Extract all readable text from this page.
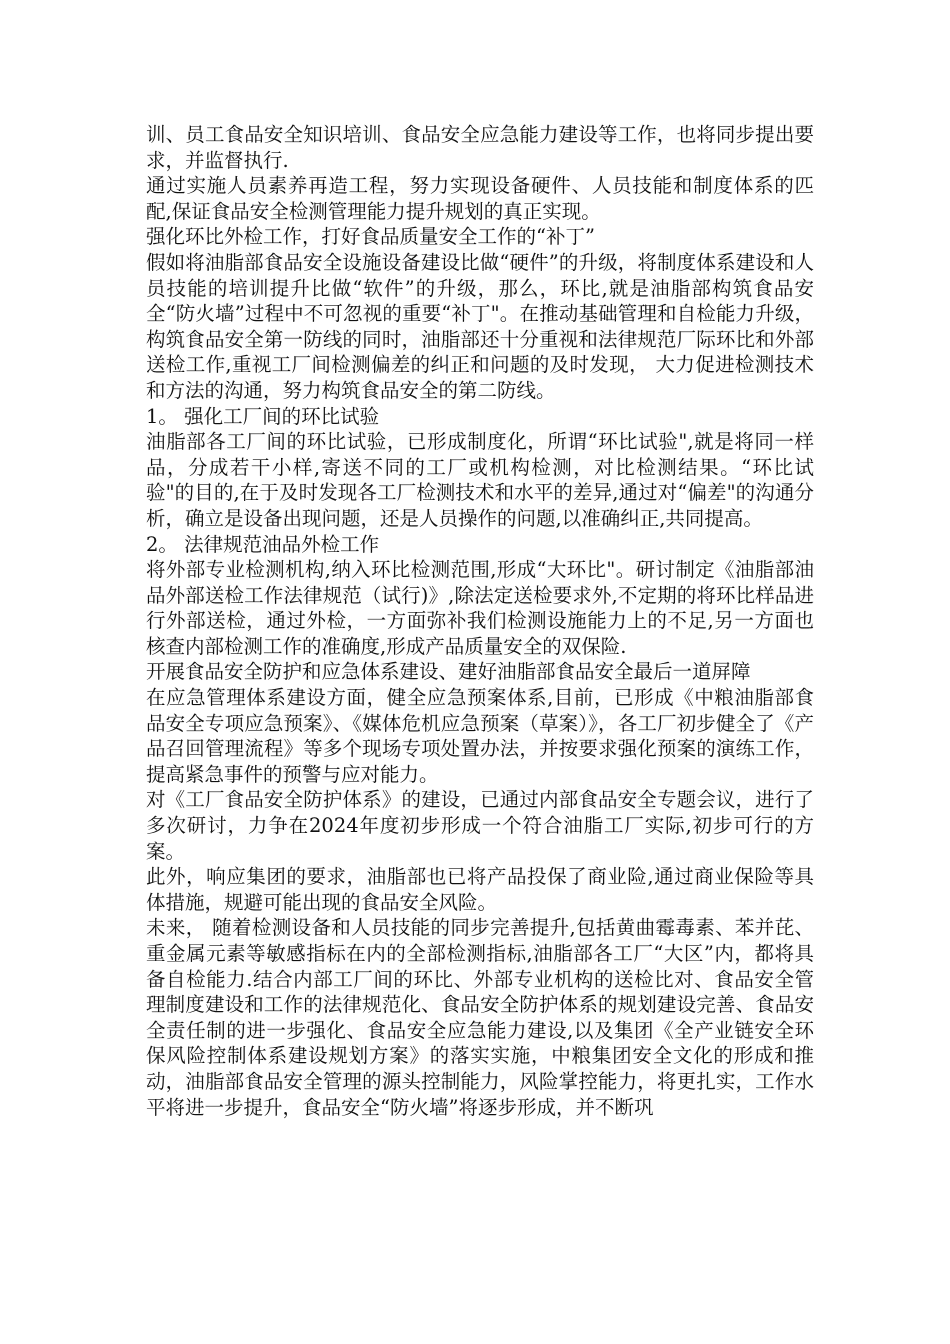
训、员工食品安全知识培训、食品安全应急能力建设等工作，也将同步提出要求，并监督执行.

通过实施人员素养再造工程，努力实现设备硬件、人员技能和制度体系的匹配,保证食品安全检测管理能力提升规划的真正实现。

强化环比外检工作，打好食品质量安全工作的“补丁”

假如将油脂部食品安全设施设备建设比做“硬件”的升级，将制度体系建设和人员技能的培训提升比做“软件”的升级，那么，环比,就是油脂部构筑食品安全“防火墙”过程中不可忽视的重要“补丁"。在推动基础管理和自检能力升级，构筑食品安全第一防线的同时，油脂部还十分重视和法律规范厂际环比和外部送检工作,重视工厂间检测偏差的纠正和问题的及时发现， 大力促进检测技术和方法的沟通，努力构筑食品安全的第二防线。

1。 强化工厂间的环比试验

油脂部各工厂间的环比试验，已形成制度化，所谓“环比试验",就是将同一样品，分成若干小样,寄送不同的工厂或机构检测，对比检测结果。“环比试验"的目的,在于及时发现各工厂检测技术和水平的差异,通过对“偏差"的沟通分析，确立是设备出现问题，还是人员操作的问题,以准确纠正,共同提高。

2。 法律规范油品外检工作

将外部专业检测机构,纳入环比检测范围,形成“大环比"。研讨制定《油脂部油品外部送检工作法律规范（试行)》,除法定送检要求外,不定期的将环比样品进行外部送检，通过外检，一方面弥补我们检测设施能力上的不足,另一方面也核查内部检测工作的准确度,形成产品质量安全的双保险.

开展食品安全防护和应急体系建设、建好油脂部食品安全最后一道屏障

在应急管理体系建设方面，健全应急预案体系,目前，已形成《中粮油脂部食品安全专项应急预案》、《媒体危机应急预案（草案）》，各工厂初步健全了《产品召回管理流程》等多个现场专项处置办法，并按要求强化预案的演练工作，提高紧急事件的预警与应对能力。

对《工厂食品安全防护体系》的建设，已通过内部食品安全专题会议，进行了多次研讨，力争在2024年度初步形成一个符合油脂工厂实际,初步可行的方案。

此外，响应集团的要求，油脂部也已将产品投保了商业险,通过商业保险等具体措施，规避可能出现的食品安全风险。

未来， 随着检测设备和人员技能的同步完善提升,包括黄曲霉毒素、苯并芘、重金属元素等敏感指标在内的全部检测指标,油脂部各工厂“大区”内，都将具备自检能力.结合内部工厂间的环比、外部专业机构的送检比对、食品安全管理制度建设和工作的法律规范化、食品安全防护体系的规划建设完善、食品安全责任制的进一步强化、食品安全应急能力建设,以及集团《全产业链安全环保风险控制体系建设规划方案》的落实实施，中粮集团安全文化的形成和推动，油脂部食品安全管理的源头控制能力，风险掌控能力，将更扎实，工作水平将进一步提升，食品安全“防火墙”将逐步形成，并不断巩
